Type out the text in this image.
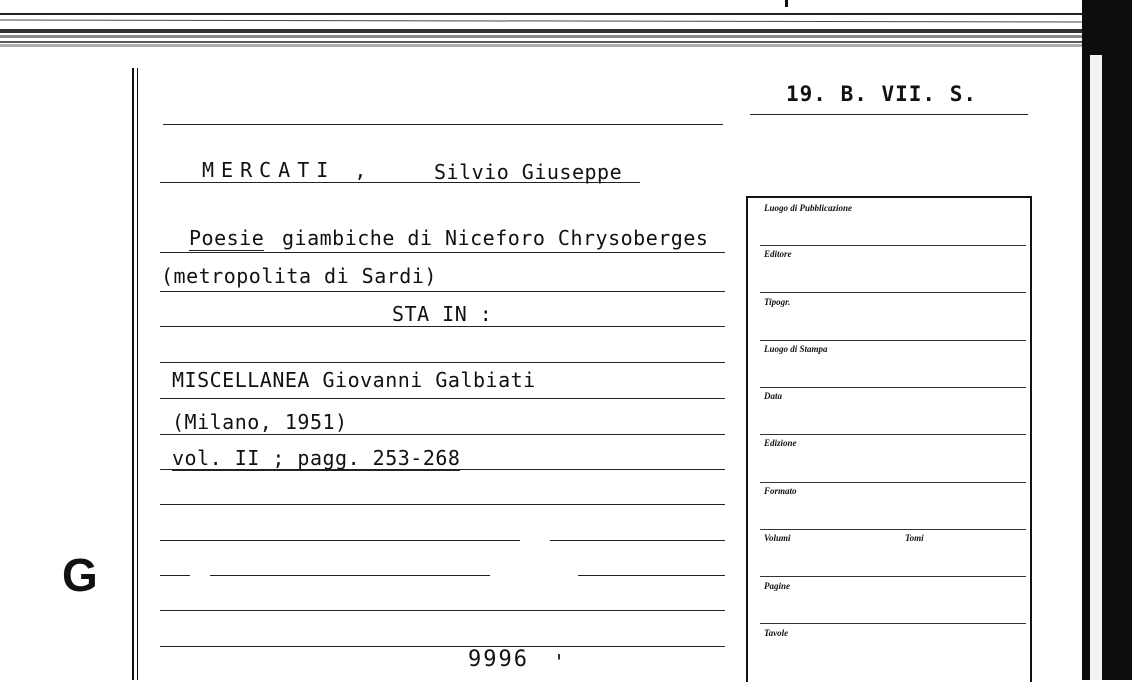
G
19. B. VII. S.
MERCATI ,	Silvio Giuseppe
Poesie giambiche di Niceforo Chrysoberges
(metropolita di Sardi)
STA IN :
MISCELLANEA Giovanni Galbiati
(Milano, 1951)
vol. II ; pagg. 253-268
9996 '
Luogo di Pubblicazione
Editore
Tipogr.
Luogo di Stampa
Data
Edizione
Formato
Volumi	Tomi
Pagine
Tavole
